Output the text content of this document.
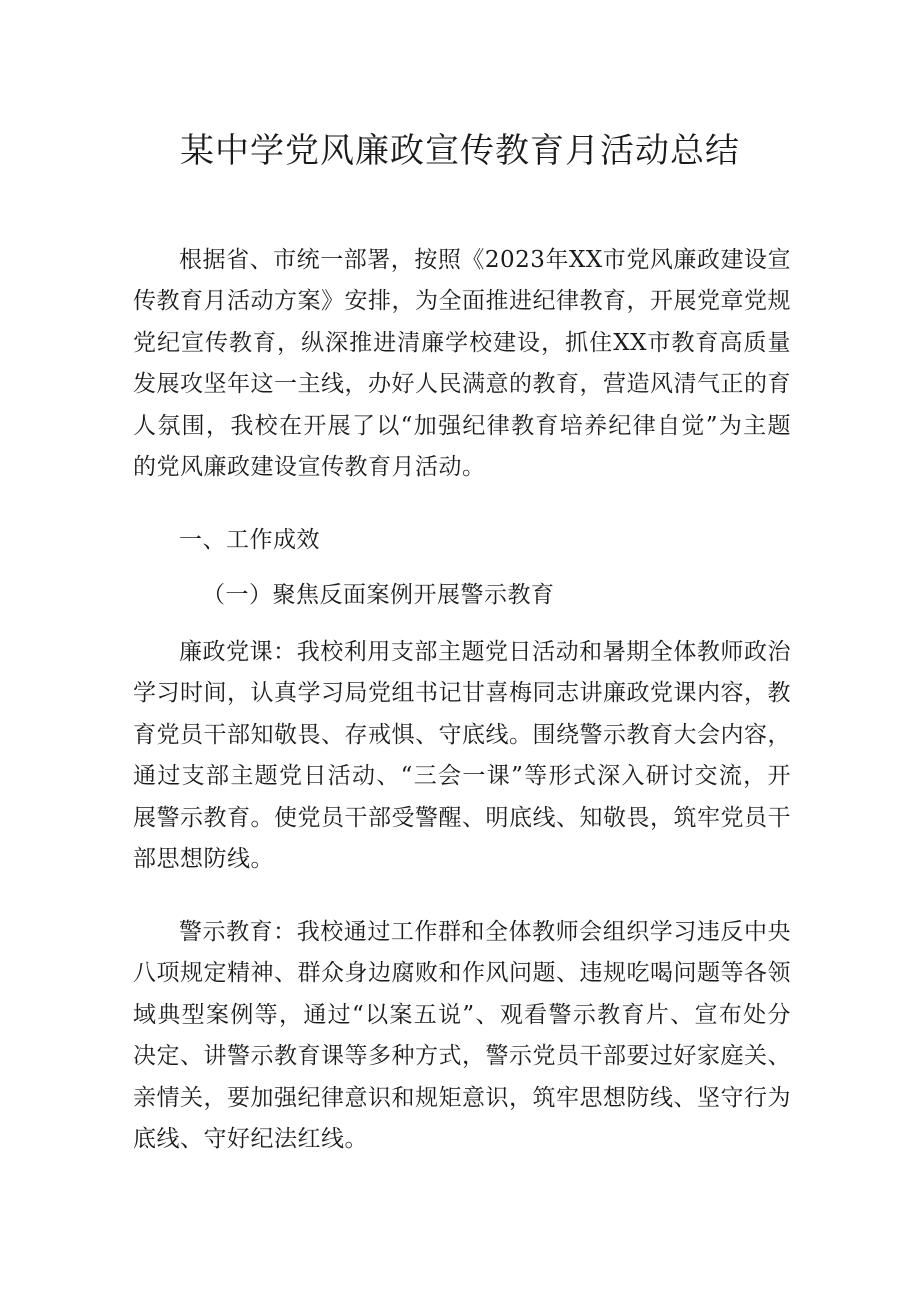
某中学党风廉政宣传教育月活动总结

根据省、市统一部署，按照《2023年XX市党风廉政建设宣传教育月活动方案》安排，为全面推进纪律教育，开展党章党规党纪宣传教育，纵深推进清廉学校建设，抓住XX市教育高质量发展攻坚年这一主线，办好人民满意的教育，营造风清气正的育人氛围，我校在开展了以“加强纪律教育培养纪律自觉”为主题的党风廉政建设宣传教育月活动。

一、工作成效

（一）聚焦反面案例开展警示教育

廉政党课：我校利用支部主题党日活动和暑期全体教师政治学习时间，认真学习局党组书记甘喜梅同志讲廉政党课内容，教育党员干部知敬畏、存戒惧、守底线。围绕警示教育大会内容，通过支部主题党日活动、“三会一课”等形式深入研讨交流，开展警示教育。使党员干部受警醒、明底线、知敬畏，筑牢党员干部思想防线。

警示教育：我校通过工作群和全体教师会组织学习违反中央八项规定精神、群众身边腐败和作风问题、违规吃喝问题等各领域典型案例等，通过“以案五说”、观看警示教育片、宣布处分决定、讲警示教育课等多种方式，警示党员干部要过好家庭关、亲情关，要加强纪律意识和规矩意识，筑牢思想防线、坚守行为底线、守好纪法红线。
